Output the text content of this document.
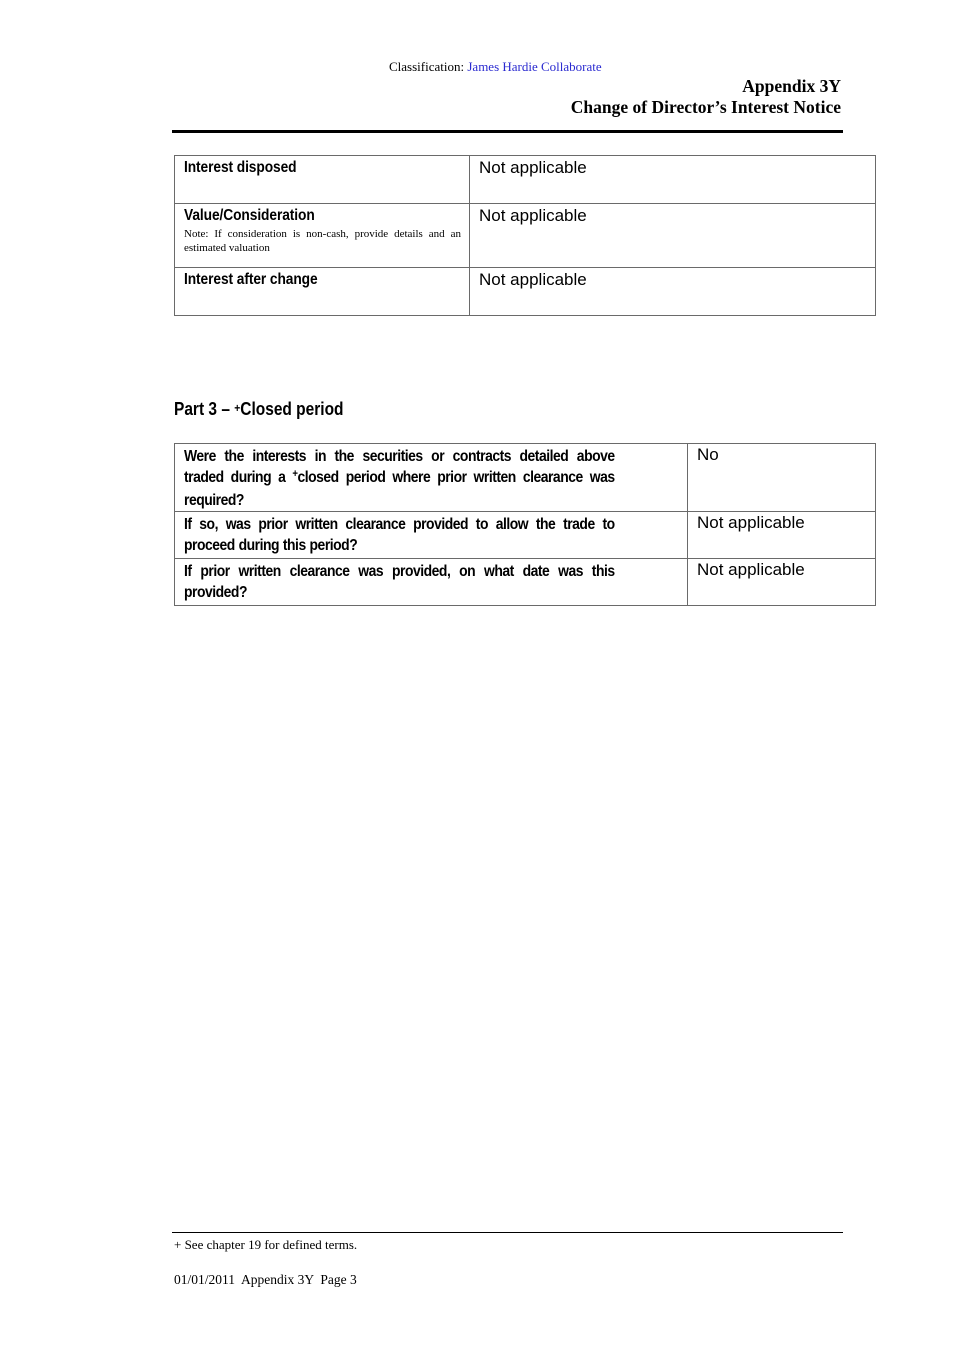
Classification: James Hardie Collaborate
Appendix 3Y
Change of Director’s Interest Notice
Interest disposed	Not applicable
Value/Consideration
Note: If consideration is non-cash, provide details and an estimated valuation	Not applicable
Interest after change	Not applicable
Part 3 – +Closed period
Were the interests in the securities or contracts detailed above traded during a +closed period where prior written clearance was required?	No

If so, was prior written clearance provided to allow the trade to proceed during this period?	Not applicable

If prior written clearance was provided, on what date was this provided?	Not applicable
+ See chapter 19 for defined terms.
01/01/2011  Appendix 3Y  Page 3
